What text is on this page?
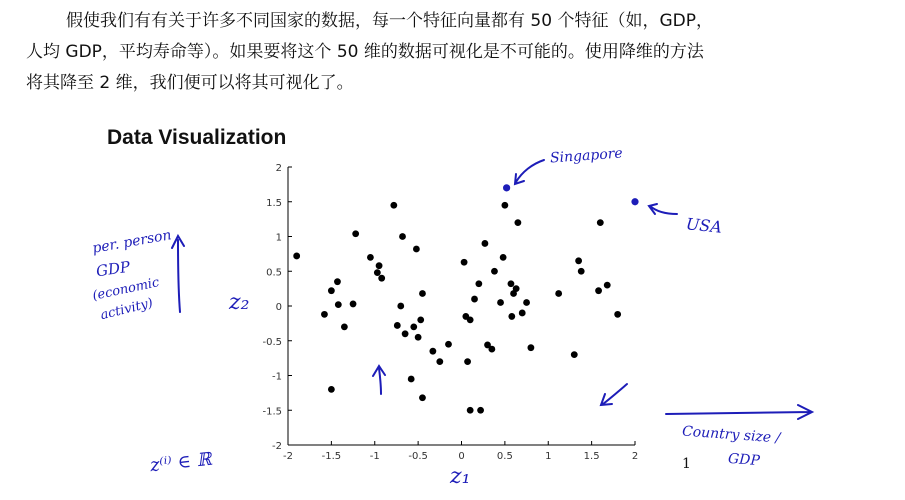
假使我们有有关于许多不同国家的数据，每一个特征向量都有 50 个特征（如，GDP，
人均 GDP，平均寿命等）。如果要将这个 50 维的数据可视化是不可能的。使用降维的方法
将其降至 2 维，我们便可以将其可视化了。

Data Visualization
-2	-1.5	-1	-0.5	0	0.5	1	1.5	2
-2
-1.5
-1
-0.5
0
0.5
1
1.5
2
z₂
z₁
per. person
GDP
(economic
activity)
Country size /
GDP
Singapore
USA
z⁽ⁱ⁾ ∈ ℝ	1
